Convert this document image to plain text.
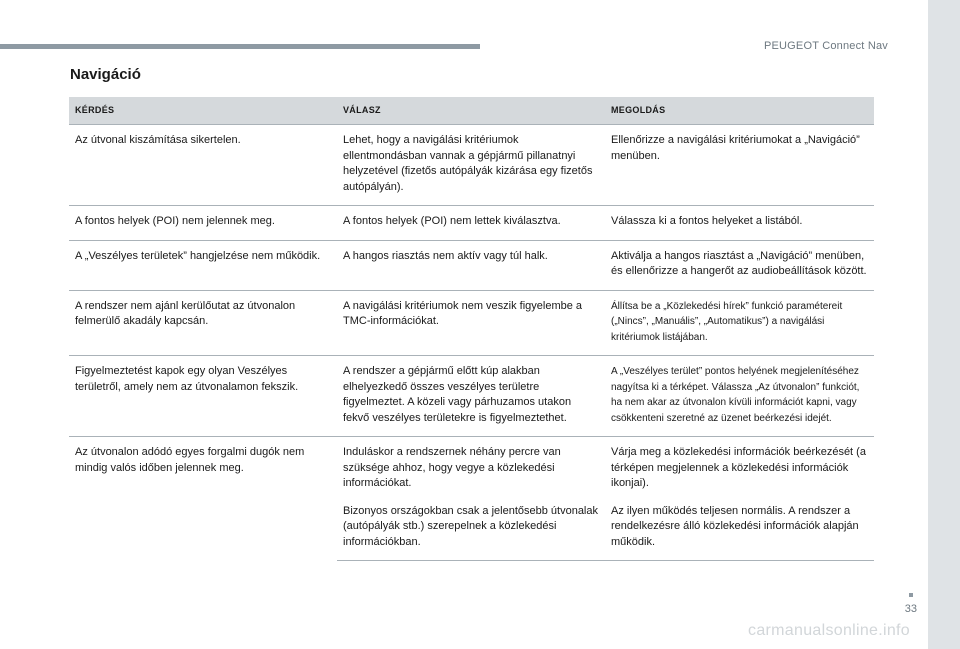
PEUGEOT Connect Nav
Navigáció
KÉRDÉS	VÁLASZ	MEGOLDÁS
Az útvonal kiszámítása sikertelen.	Lehet, hogy a navigálási kritériumok ellentmondásban vannak a gépjármű pillanatnyi helyzetével (fizetős autópályák kizárása egy fizetős autópályán).	Ellenőrizze a navigálási kritériumokat a „Navigáció” menüben.
A fontos helyek (POI) nem jelennek meg.	A fontos helyek (POI) nem lettek kiválasztva.	Válassza ki a fontos helyeket a listából.
A „Veszélyes területek” hangjelzése nem működik.	A hangos riasztás nem aktív vagy túl halk.	Aktiválja a hangos riasztást a „Navigáció” menüben, és ellenőrizze a hangerőt az audiobeállítások között.
A rendszer nem ajánl kerülőutat az útvonalon felmerülő akadály kapcsán.	A navigálási kritériumok nem veszik figyelembe a TMC-információkat.	Állítsa be a „Közlekedési hírek” funkció paramétereit („Nincs”, „Manuális”, „Automatikus”) a navigálási kritériumok listájában.
Figyelmeztetést kapok egy olyan Veszélyes területről, amely nem az útvonalamon fekszik.	A rendszer a gépjármű előtt kúp alakban elhelyezkedő összes veszélyes területre figyelmeztet. A közeli vagy párhuzamos utakon fekvő veszélyes területekre is figyelmeztethet.	A „Veszélyes terület” pontos helyének megjelenítéséhez nagyítsa ki a térképet. Válassza „Az útvonalon” funkciót, ha nem akar az útvonalon kívüli információt kapni, vagy csökkenteni szeretné az üzenet beérkezési idejét.
Az útvonalon adódó egyes forgalmi dugók nem mindig valós időben jelennek meg.	Induláskor a rendszernek néhány percre van szüksége ahhoz, hogy vegye a közlekedési információkat.	Várja meg a közlekedési információk beérkezését (a térképen megjelennek a közlekedési információk ikonjai).
	Bizonyos országokban csak a jelentősebb útvonalak (autópályák stb.) szerepelnek a közlekedési információkban.	Az ilyen működés teljesen normális. A rendszer a rendelkezésre álló közlekedési információk alapján működik.
33
carmanualsonline.info
